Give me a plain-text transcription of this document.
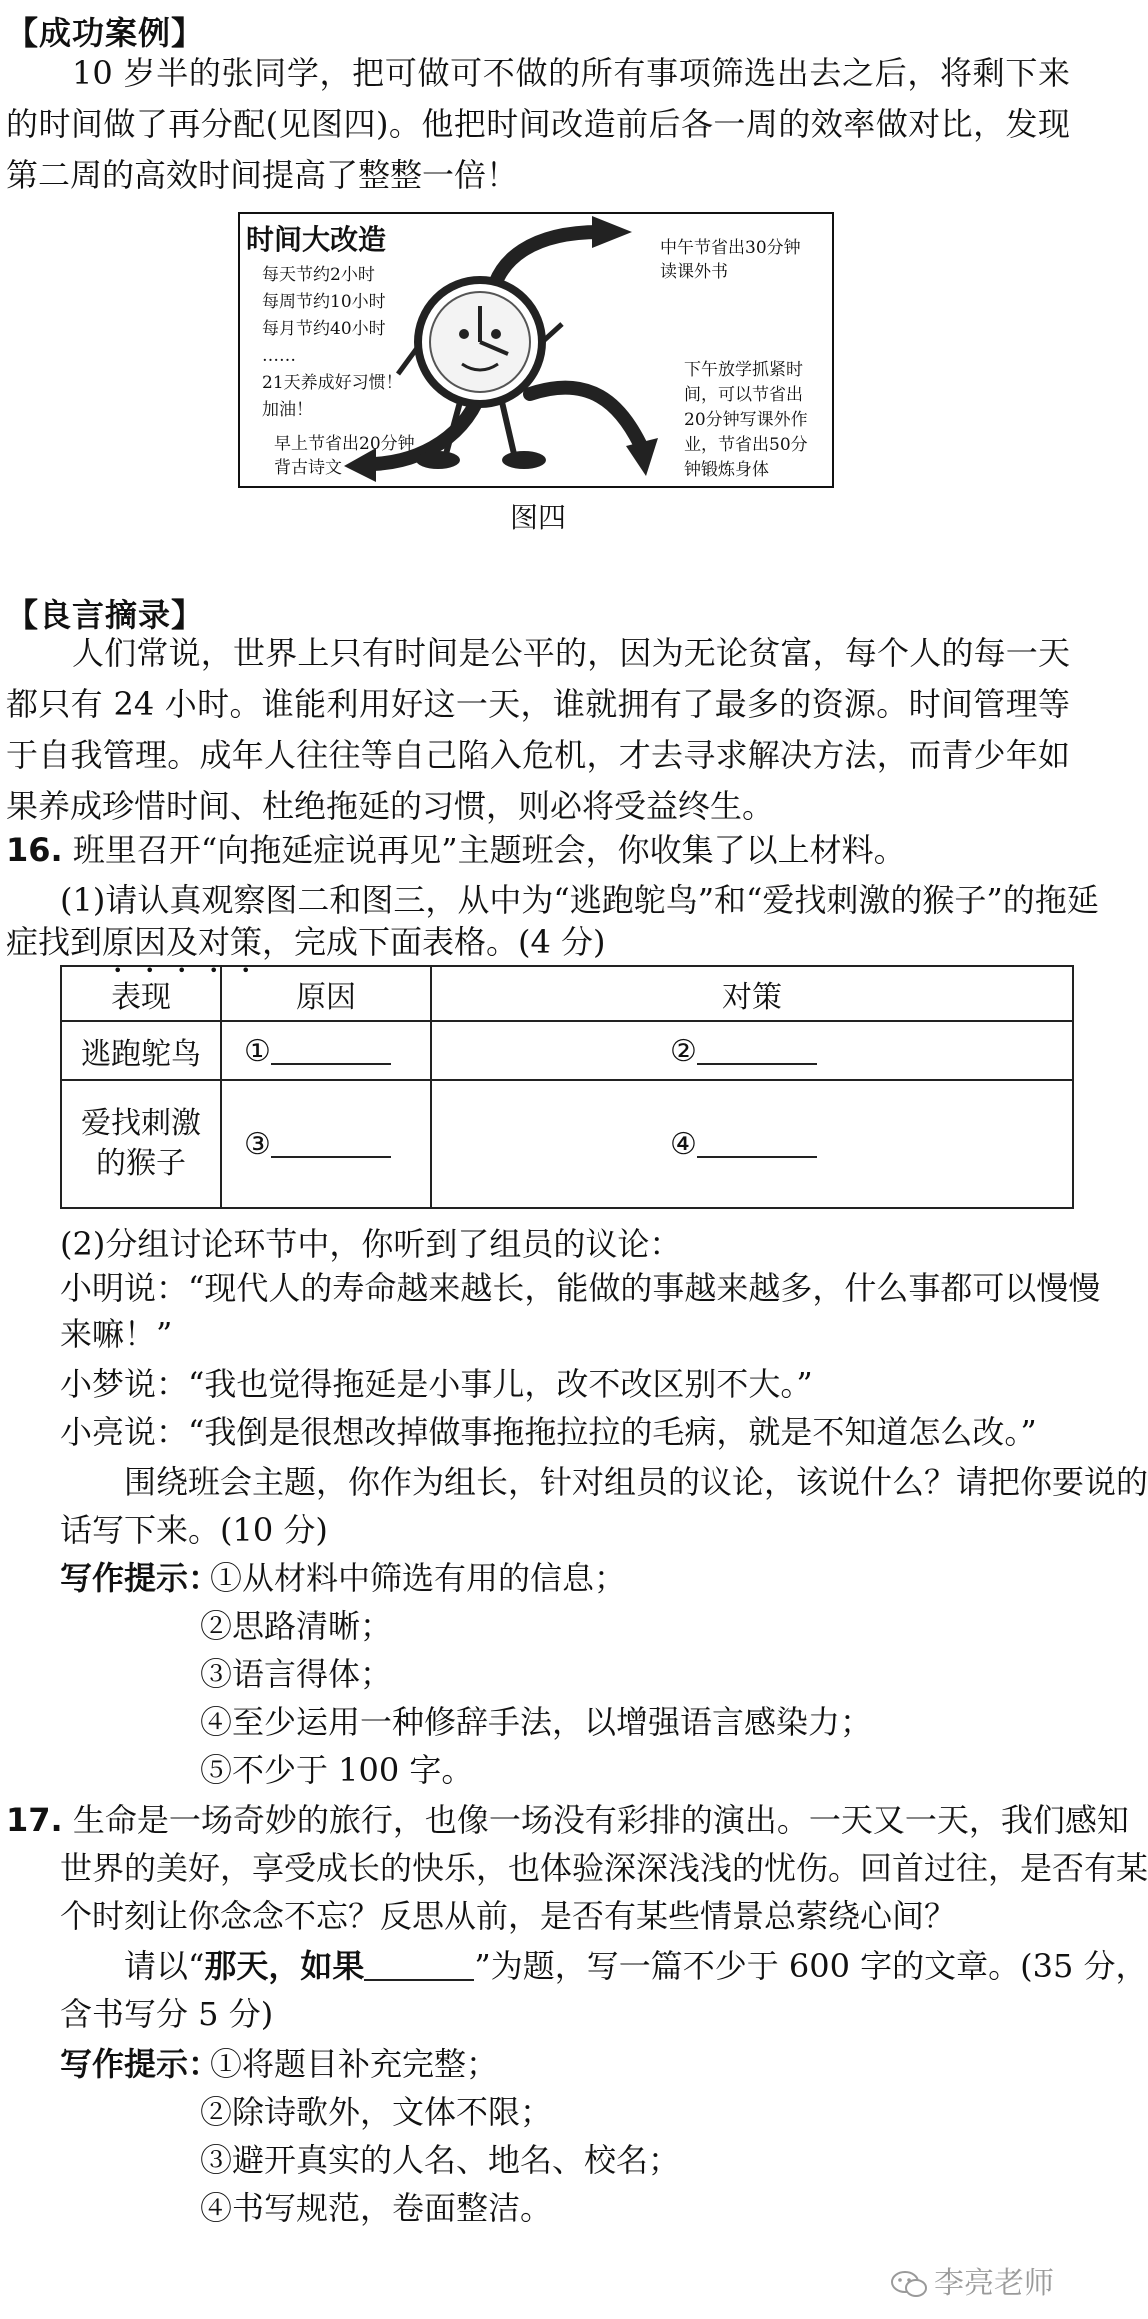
【成功案例】
10 岁半的张同学，把可做可不做的所有事项筛选出去之后，将剩下来的时间做了再分配(见图四)。他把时间改造前后各一周的效率做对比，发现第二周的高效时间提高了整整一倍！
时间大改造
每天节约2小时
每周节约10小时
每月节约40小时
……
21天养成好习惯！
加油！
中午节省出30分钟
读课外书
下午放学抓紧时
间，可以节省出
20分钟写课外作
业，节省出50分
钟锻炼身体
早上节省出20分钟
背古诗文
图四
【良言摘录】
人们常说，世界上只有时间是公平的，因为无论贫富，每个人的每一天都只有 24 小时。谁能利用好这一天，谁就拥有了最多的资源。时间管理等于自我管理。成年人往往等自己陷入危机，才去寻求解决方法，而青少年如果养成珍惜时间、杜绝拖延的习惯，则必将受益终生。
16. 班里召开“向拖延症说再见”主题班会，你收集了以上材料。
(1)请认真观察图二和图三，从中为“逃跑鸵鸟”和“爱找刺激的猴子”的拖延
症找到原因及对策，完成下面表格。(4 分)
表现	原因	对策
逃跑鸵鸟	①	②

爱找刺激
的猴子	③	④
(2)分组讨论环节中，你听到了组员的议论：
小明说：“现代人的寿命越来越长，能做的事越来越多，什么事都可以慢慢
来嘛！”
小梦说：“我也觉得拖延是小事儿，改不改区别不大。”
小亮说：“我倒是很想改掉做事拖拖拉拉的毛病，就是不知道怎么改。”
围绕班会主题，你作为组长，针对组员的议论，该说什么？请把你要说的
话写下来。(10 分)
写作提示：
①从材料中筛选有用的信息；
②思路清晰；
③语言得体；
④至少运用一种修辞手法，以增强语言感染力；
⑤不少于 100 字。
17. 生命是一场奇妙的旅行，也像一场没有彩排的演出。一天又一天，我们感知
世界的美好，享受成长的快乐，也体验深深浅浅的忧伤。回首过往，是否有某
个时刻让你念念不忘？反思从前，是否有某些情景总萦绕心间？
请以“那天，如果	”为题，写一篇不少于 600 字的文章。(35 分，
含书写分 5 分)
写作提示：
①将题目补充完整；
②除诗歌外，文体不限；
③避开真实的人名、地名、校名；
④书写规范，卷面整洁。
李亮老师
